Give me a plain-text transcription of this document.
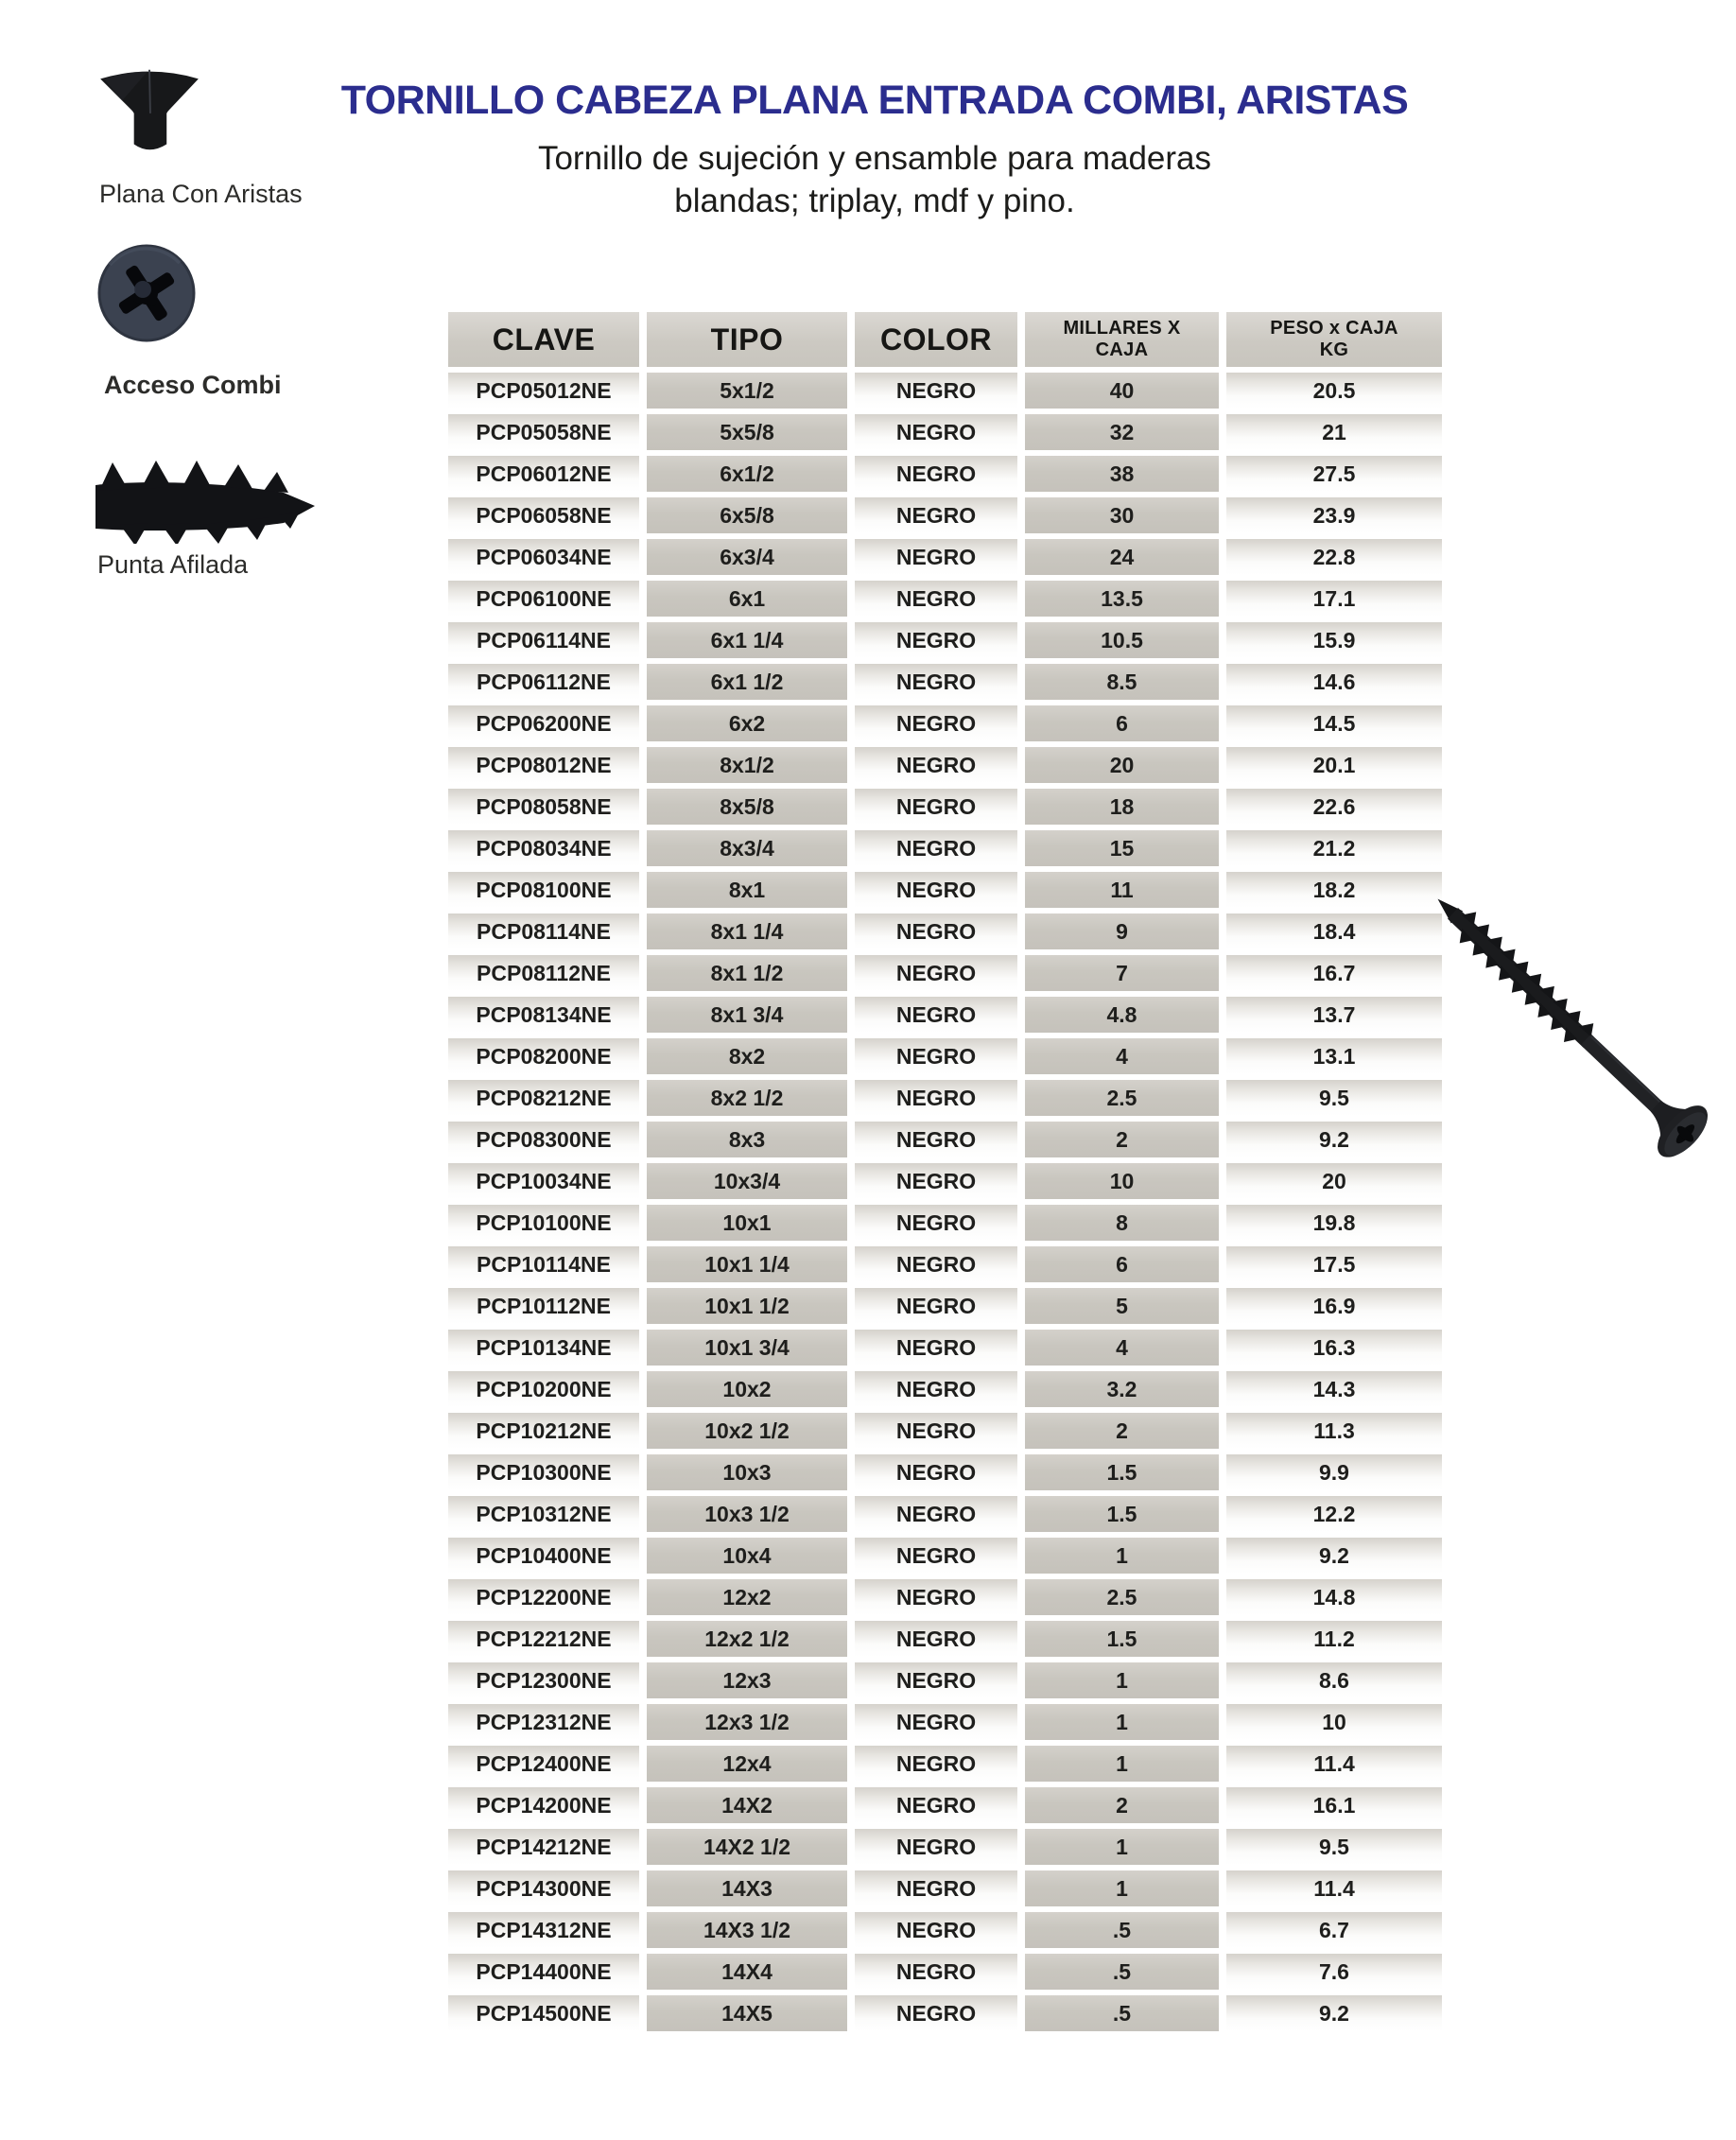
TORNILLO CABEZA PLANA ENTRADA COMBI, ARISTAS
Tornillo de sujeción y ensamble para maderas
blandas; triplay, mdf y pino.
Plana Con Aristas
Acceso Combi
Punta Afilada
CLAVE	TIPO	COLOR	MILLARES X CAJA	PESO x CAJA KG
PCP05012NE	5x1/2	NEGRO	40	20.5
PCP05058NE	5x5/8	NEGRO	32	21
PCP06012NE	6x1/2	NEGRO	38	27.5
PCP06058NE	6x5/8	NEGRO	30	23.9
PCP06034NE	6x3/4	NEGRO	24	22.8
PCP06100NE	6x1	NEGRO	13.5	17.1
PCP06114NE	6x1 1/4	NEGRO	10.5	15.9
PCP06112NE	6x1 1/2	NEGRO	8.5	14.6
PCP06200NE	6x2	NEGRO	6	14.5
PCP08012NE	8x1/2	NEGRO	20	20.1
PCP08058NE	8x5/8	NEGRO	18	22.6
PCP08034NE	8x3/4	NEGRO	15	21.2
PCP08100NE	8x1	NEGRO	11	18.2
PCP08114NE	8x1 1/4	NEGRO	9	18.4
PCP08112NE	8x1 1/2	NEGRO	7	16.7
PCP08134NE	8x1 3/4	NEGRO	4.8	13.7
PCP08200NE	8x2	NEGRO	4	13.1
PCP08212NE	8x2 1/2	NEGRO	2.5	9.5
PCP08300NE	8x3	NEGRO	2	9.2
PCP10034NE	10x3/4	NEGRO	10	20
PCP10100NE	10x1	NEGRO	8	19.8
PCP10114NE	10x1 1/4	NEGRO	6	17.5
PCP10112NE	10x1 1/2	NEGRO	5	16.9
PCP10134NE	10x1 3/4	NEGRO	4	16.3
PCP10200NE	10x2	NEGRO	3.2	14.3
PCP10212NE	10x2 1/2	NEGRO	2	11.3
PCP10300NE	10x3	NEGRO	1.5	9.9
PCP10312NE	10x3 1/2	NEGRO	1.5	12.2
PCP10400NE	10x4	NEGRO	1	9.2
PCP12200NE	12x2	NEGRO	2.5	14.8
PCP12212NE	12x2 1/2	NEGRO	1.5	11.2
PCP12300NE	12x3	NEGRO	1	8.6
PCP12312NE	12x3 1/2	NEGRO	1	10
PCP12400NE	12x4	NEGRO	1	11.4
PCP14200NE	14X2	NEGRO	2	16.1
PCP14212NE	14X2 1/2	NEGRO	1	9.5
PCP14300NE	14X3	NEGRO	1	11.4
PCP14312NE	14X3 1/2	NEGRO	.5	6.7
PCP14400NE	14X4	NEGRO	.5	7.6
PCP14500NE	14X5	NEGRO	.5	9.2
